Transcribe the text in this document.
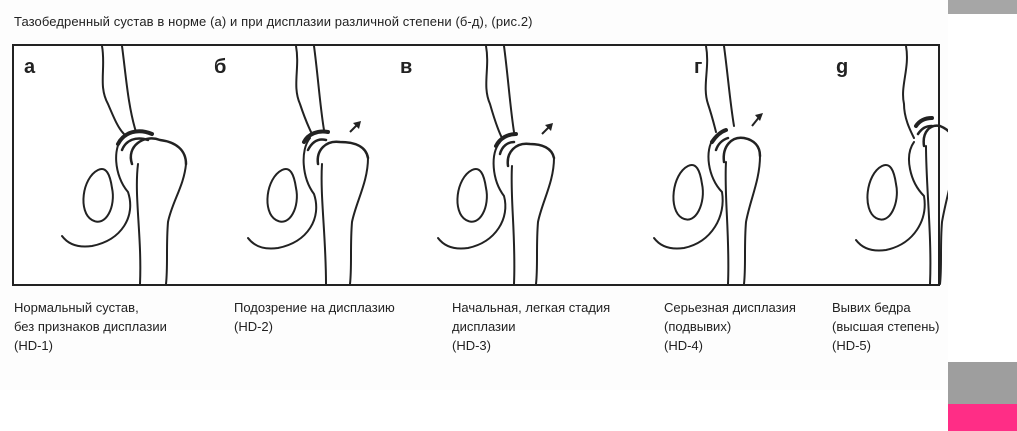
Тазобедренный сустав в норме (а) и при дисплазии различной степени (б-д), (рис.2)
а	б	в	г	g
Нормальный сустав,
без признаков дисплазии
(HD-1)
Подозрение на дисплазию
(HD-2)
Начальная, легкая стадия
дисплазии
(HD-3)
Серьезная дисплазия
(подвывих)
(HD-4)
Вывих бедра
(высшая степень)
(HD-5)
